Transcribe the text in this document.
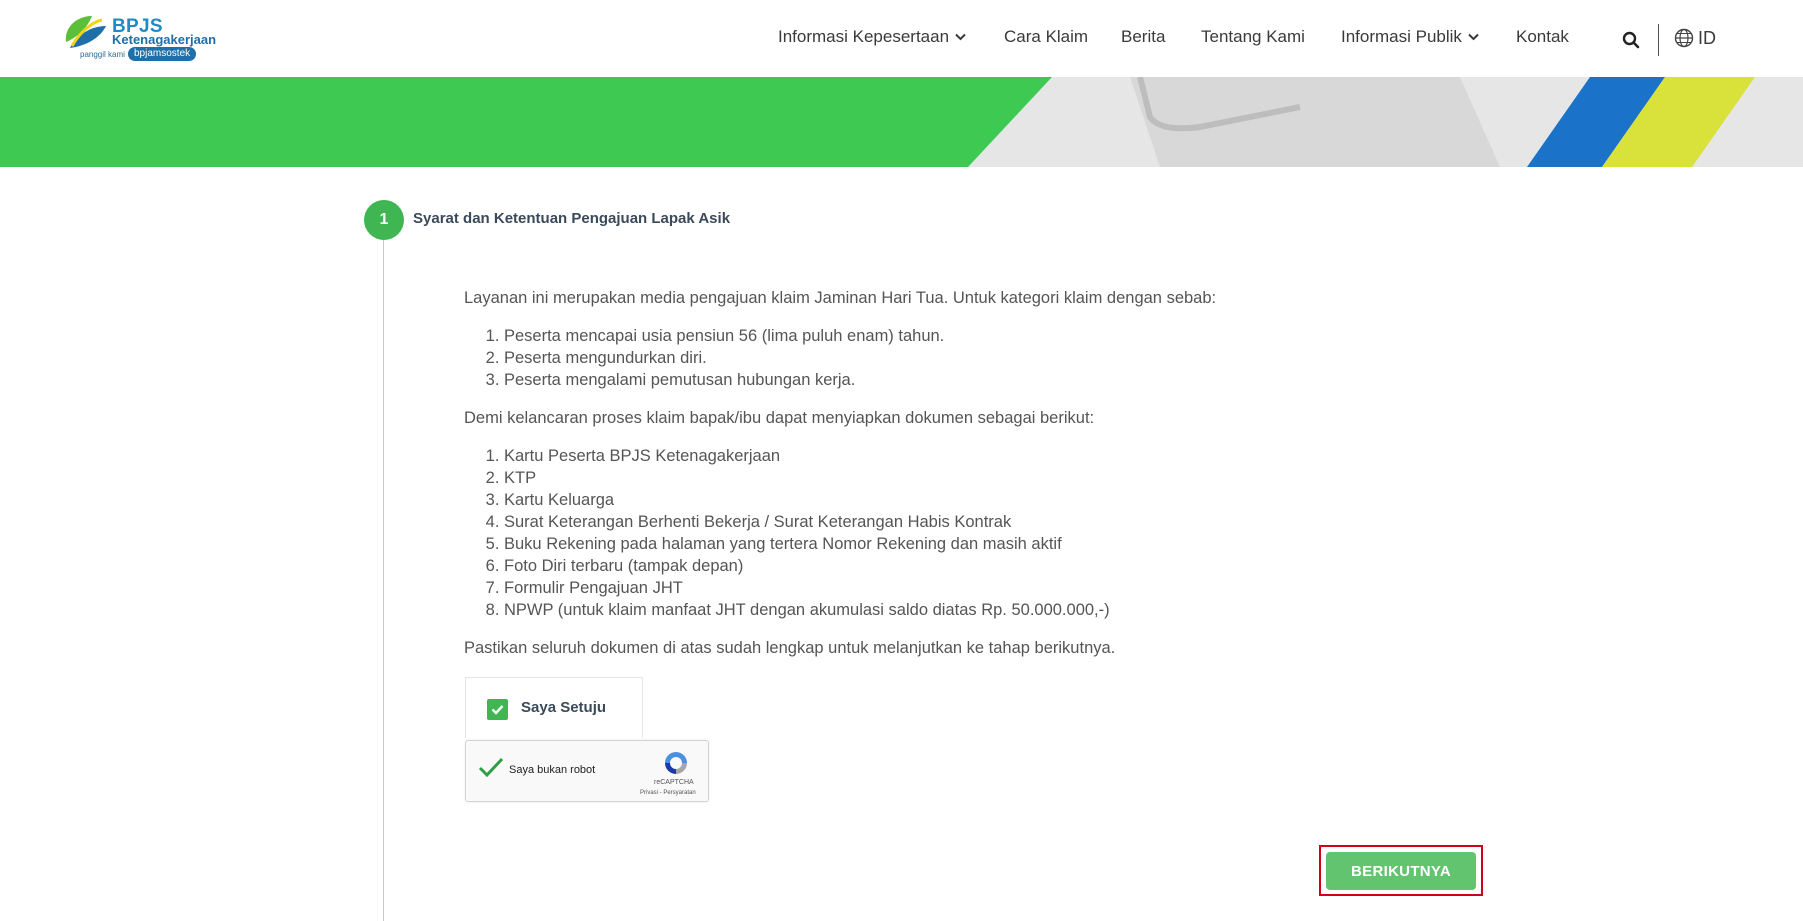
BPJS
Ketenagakerjaan
panggil kami bpjamsostek
Informasi Kepesertaan	Cara Klaim Berita Tentang Kami Informasi Publik	Kontak	ID
1	Syarat dan Ketentuan Pengajuan Lapak Asik

Layanan ini merupakan media pengajuan klaim Jaminan Hari Tua. Untuk kategori klaim dengan sebab:

1. Peserta mencapai usia pensiun 56 (lima puluh enam) tahun.
2. Peserta mengundurkan diri.
3. Peserta mengalami pemutusan hubungan kerja.

Demi kelancaran proses klaim bapak/ibu dapat menyiapkan dokumen sebagai berikut:

1. Kartu Peserta BPJS Ketenagakerjaan
2. KTP
3. Kartu Keluarga
4. Surat Keterangan Berhenti Bekerja / Surat Keterangan Habis Kontrak
5. Buku Rekening pada halaman yang tertera Nomor Rekening dan masih aktif
6. Foto Diri terbaru (tampak depan)
7. Formulir Pengajuan JHT
8. NPWP (untuk klaim manfaat JHT dengan akumulasi saldo diatas Rp. 50.000.000,-)

Pastikan seluruh dokumen di atas sudah lengkap untuk melanjutkan ke tahap berikutnya.

Saya Setuju
Saya bukan robot
reCAPTCHA
Privasi - Persyaratan
BERIKUTNYA
